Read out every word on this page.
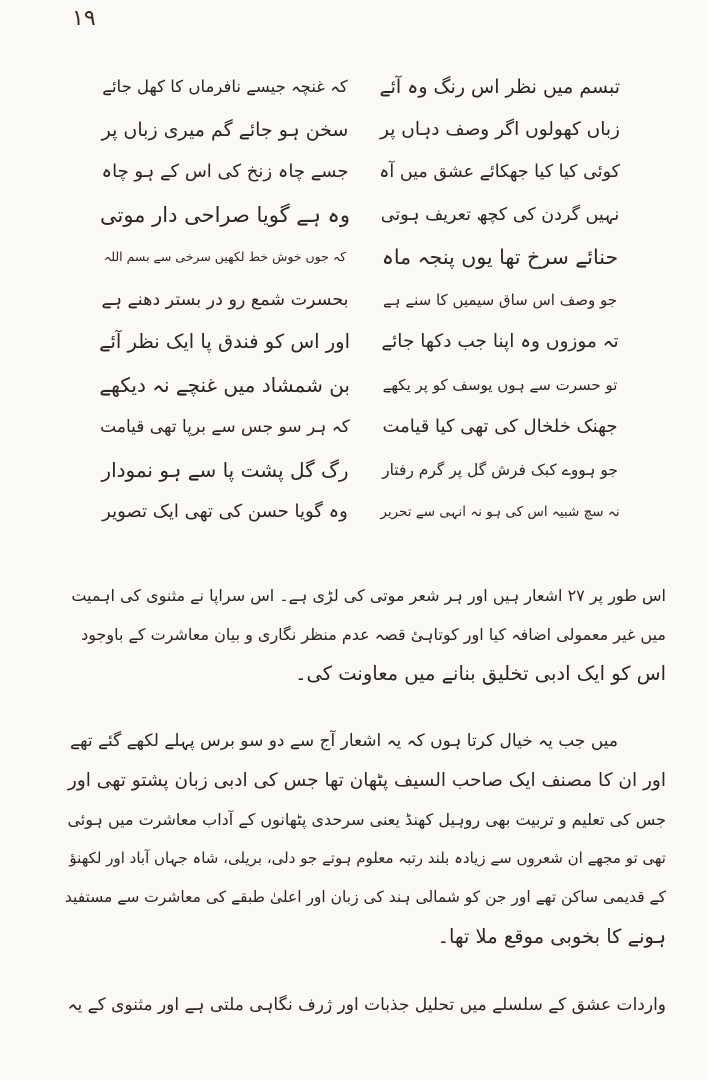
۱۹
تبسم میں نظر اس رنگ وہ آئے
کہ غنچہ جیسے نافرماں کا کھل جائے
زباں کھولوں اگر وصف دہاں پر
سخن ہو جائے گم میری زباں پر
کوئی کیا کیا جھکائے عشق میں آہ
جسے چاہ زنخ کی اس کے ہو چاہ
نہیں گردن کی کچھ تعریف ہوتی
وہ ہے گویا صراحی دار موتی
حنائے سرخ تھا یوں پنجہ ماہ
کہ جوں خوش خط لکھیں سرخی سے بسم اللہ
جو وصف اس ساق سیمیں کا سنے ہے
بحسرت شمع رو در بستر دھنے ہے
تہ موزوں وہ اپنا جب دکھا جائے
اور اس کو فندق پا ایک نظر آئے
تو حسرت سے ہوں یوسف کو پر یکھے
بن شمشاد میں غنچے نہ دیکھے
جھنک خلخال کی تھی کیا قیامت
کہ ہر سو جس سے برپا تھی قیامت
جو ہووے کبک فرش گل پر گرم رفتار
رگ گل پشت پا سے ہو نمودار
نہ سچ شبیہ اس کی ہو نہ انہی سے تحریر
وہ گویا حسن کی تھی ایک تصویر
اس طور پر ۲۷ اشعار ہیں اور ہر شعر موتی کی لڑی ہے۔ اس سراپا نے مثنوی کی اہمیت
میں غیر معمولی اضافہ کیا اور کوتاہیٔ قصہ عدم منظر نگاری و بیان معاشرت کے باوجود
اس کو ایک ادبی تخلیق بنانے میں معاونت کی۔
میں جب یہ خیال کرتا ہوں کہ یہ اشعار آج سے دو سو برس پہلے لکھے گئے تھے
اور ان کا مصنف ایک صاحب السیف پٹھان تھا جس کی ادبی زبان پشتو تھی اور
جس کی تعلیم و تربیت بھی روہیل کھنڈ یعنی سرحدی پٹھانوں کے آداب معاشرت میں ہوئی
تھی تو مجھے ان شعروں سے زیادہ بلند رتبہ معلوم ہوتے جو دلی، بریلی، شاہ جہاں آباد اور لکھنؤ
کے قدیمی ساکن تھے اور جن کو شمالی ہند کی زبان اور اعلیٰ طبقے کی معاشرت سے مستفید
ہونے کا بخوبی موقع ملا تھا۔
واردات عشق کے سلسلے میں تحلیل جذبات اور ژرف نگاہی ملتی ہے اور مثنوی کے یہ
